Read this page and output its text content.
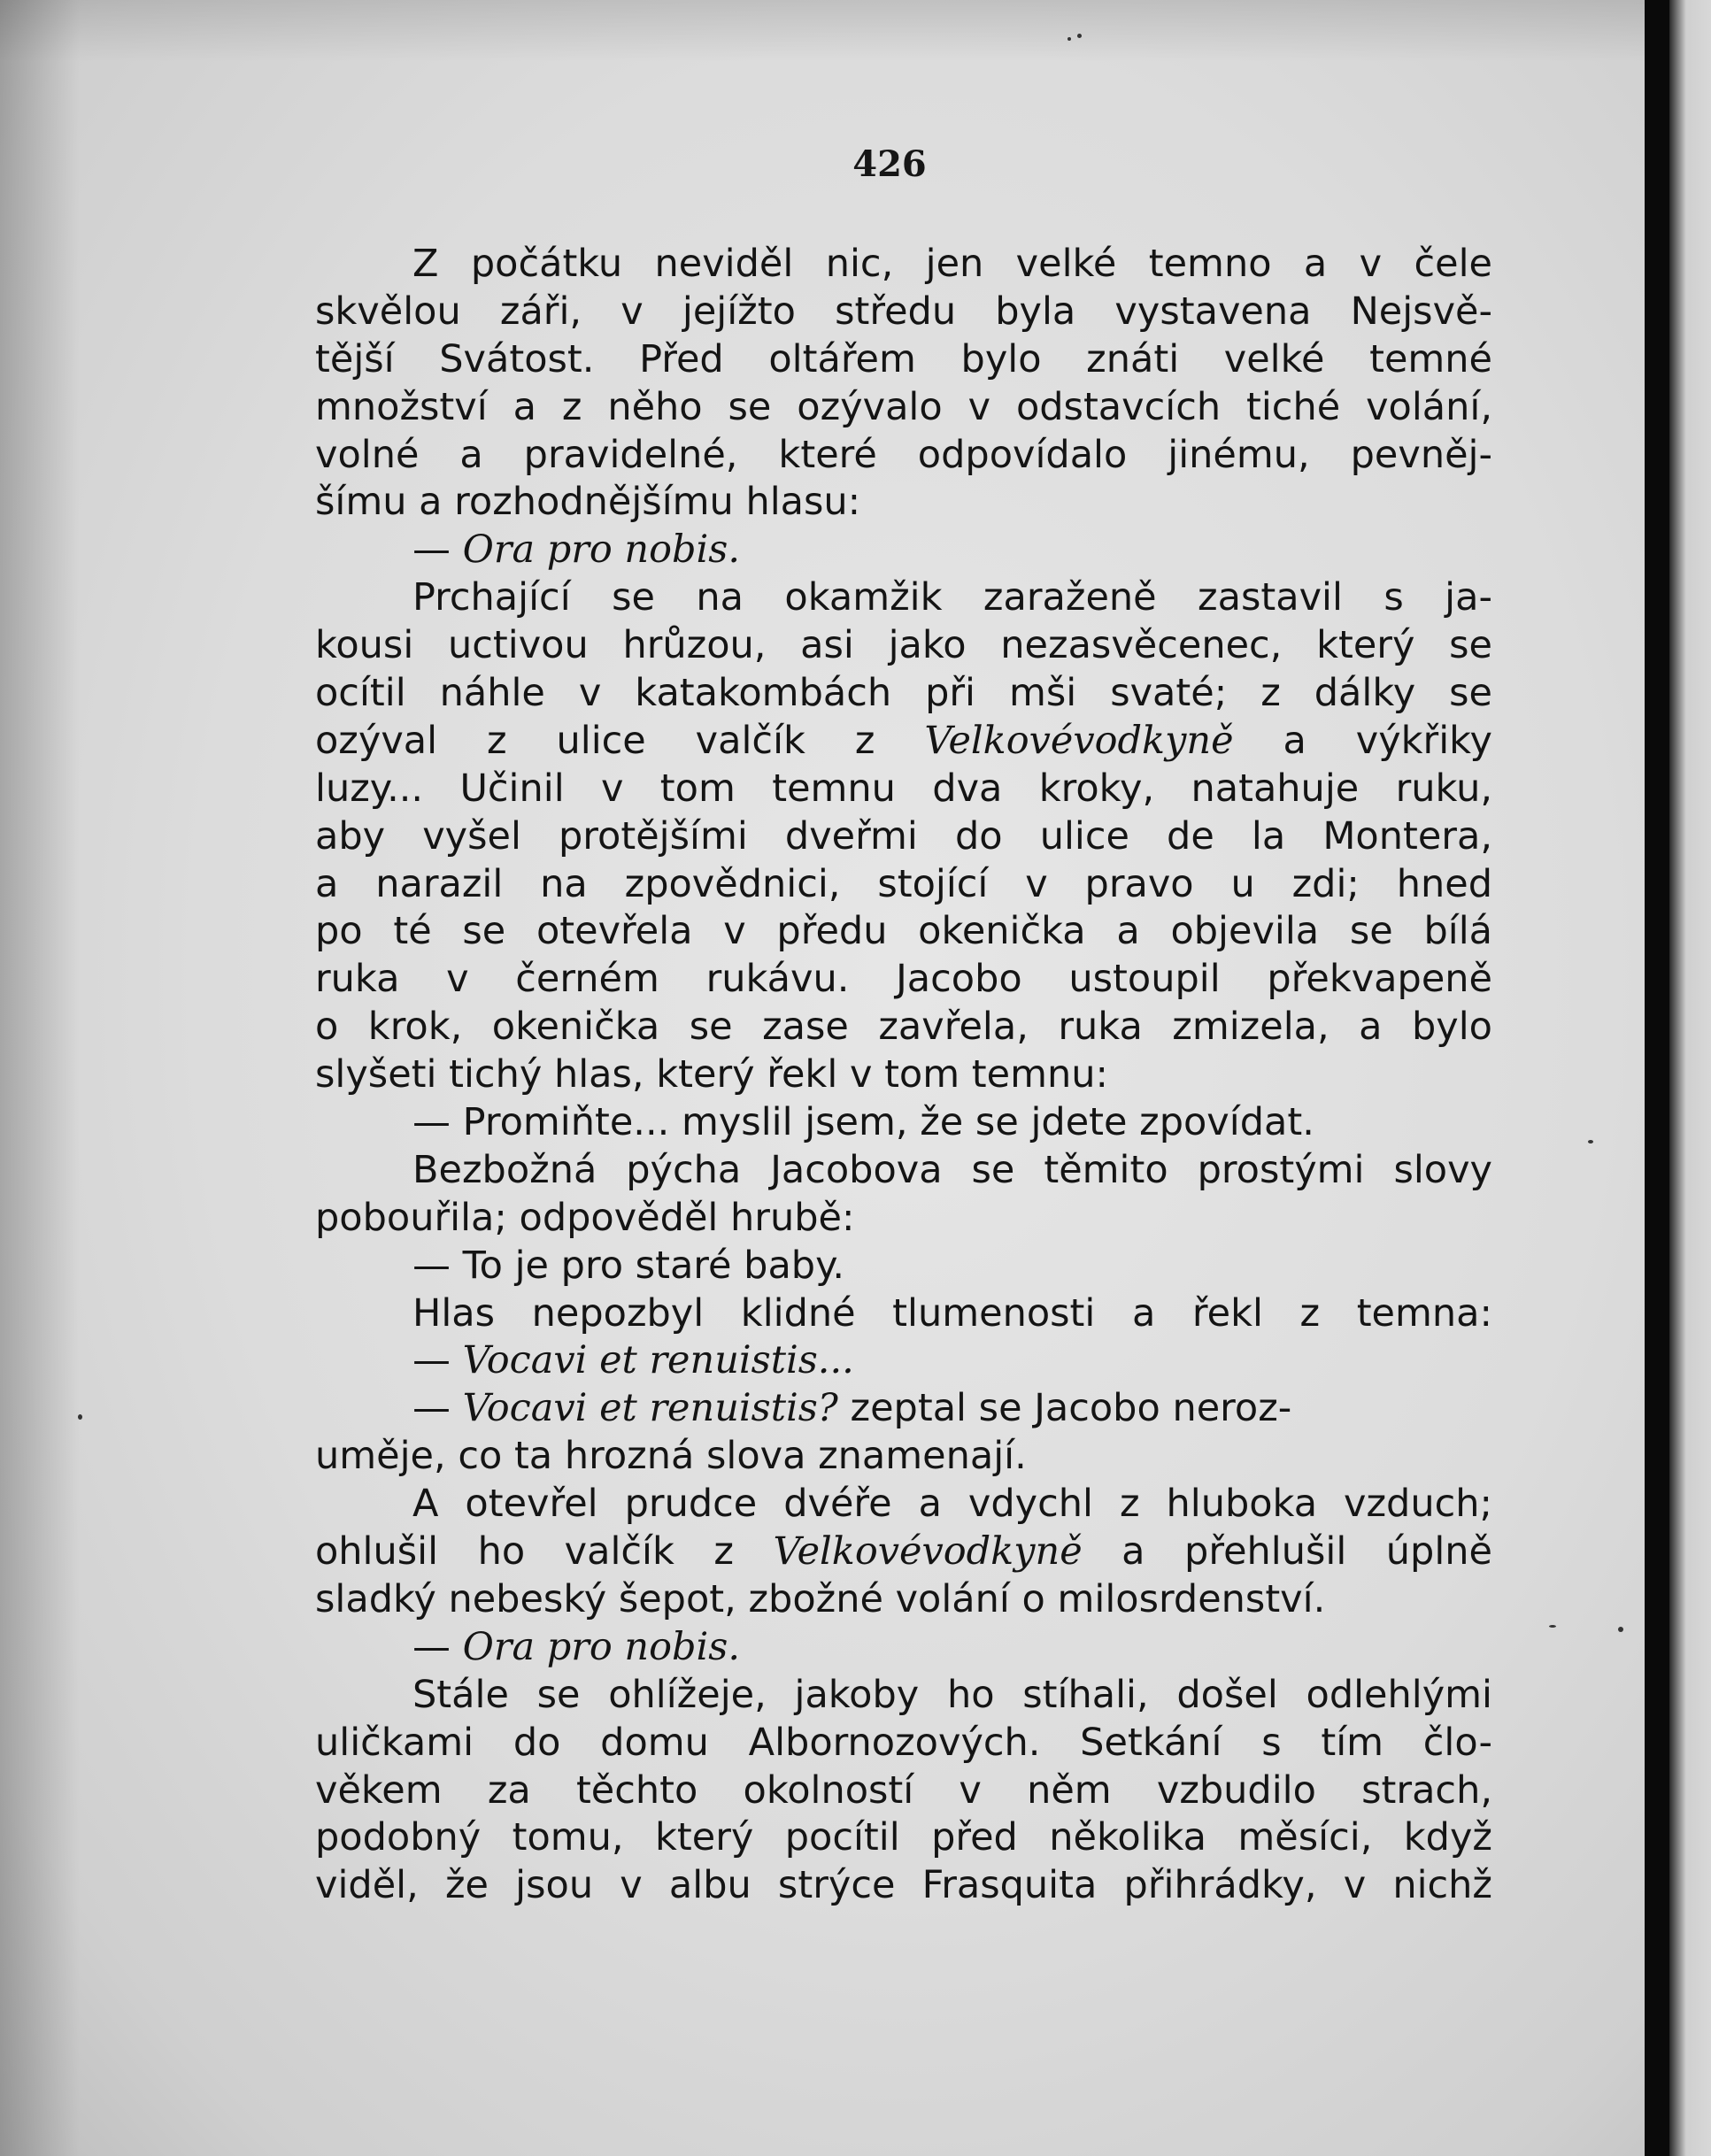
426
Z počátku neviděl nic, jen velké temno a v čele
skvělou záři, v jejížto středu byla vystavena Nejsvě-
tější Svátost. Před oltářem bylo znáti velké temné
množství a z něho se ozývalo v odstavcích tiché volání,
volné a pravidelné, které odpovídalo jinému, pevněj-
šímu a rozhodnějšímu hlasu:
— Ora pro nobis.
Prchající se na okamžik zaraženě zastavil s ja-
kousi uctivou hrůzou, asi jako nezasvěcenec, který se
ocítil náhle v katakombách při mši svaté; z dálky se
ozýval z ulice valčík z Velkovévodkyně a výkřiky
luzy... Učinil v tom temnu dva kroky, natahuje ruku,
aby vyšel protějšími dveřmi do ulice de la Montera,
a narazil na zpovědnici, stojící v pravo u zdi; hned
po té se otevřela v předu okenička a objevila se bílá
ruka v černém rukávu. Jacobo ustoupil překvapeně
o krok, okenička se zase zavřela, ruka zmizela, a bylo
slyšeti tichý hlas, který řekl v tom temnu:
— Promiňte... myslil jsem, že se jdete zpovídat.
Bezbožná pýcha Jacobova se těmito prostými slovy
pobouřila; odpověděl hrubě:
— To je pro staré baby.
Hlas nepozbyl klidné tlumenosti a řekl z temna:
— Vocavi et renuistis...
— Vocavi et renuistis? zeptal se Jacobo neroz-
uměje, co ta hrozná slova znamenají.
A otevřel prudce dvéře a vdychl z hluboka vzduch;
ohlušil ho valčík z Velkovévodkyně a přehlušil úplně
sladký nebeský šepot, zbožné volání o milosrdenství.
— Ora pro nobis.
Stále se ohlížeje, jakoby ho stíhali, došel odlehlými
uličkami do domu Albornozových. Setkání s tím člo-
věkem za těchto okolností v něm vzbudilo strach,
podobný tomu, který pocítil před několika měsíci, když
viděl, že jsou v albu strýce Frasquita přihrádky, v nichž
